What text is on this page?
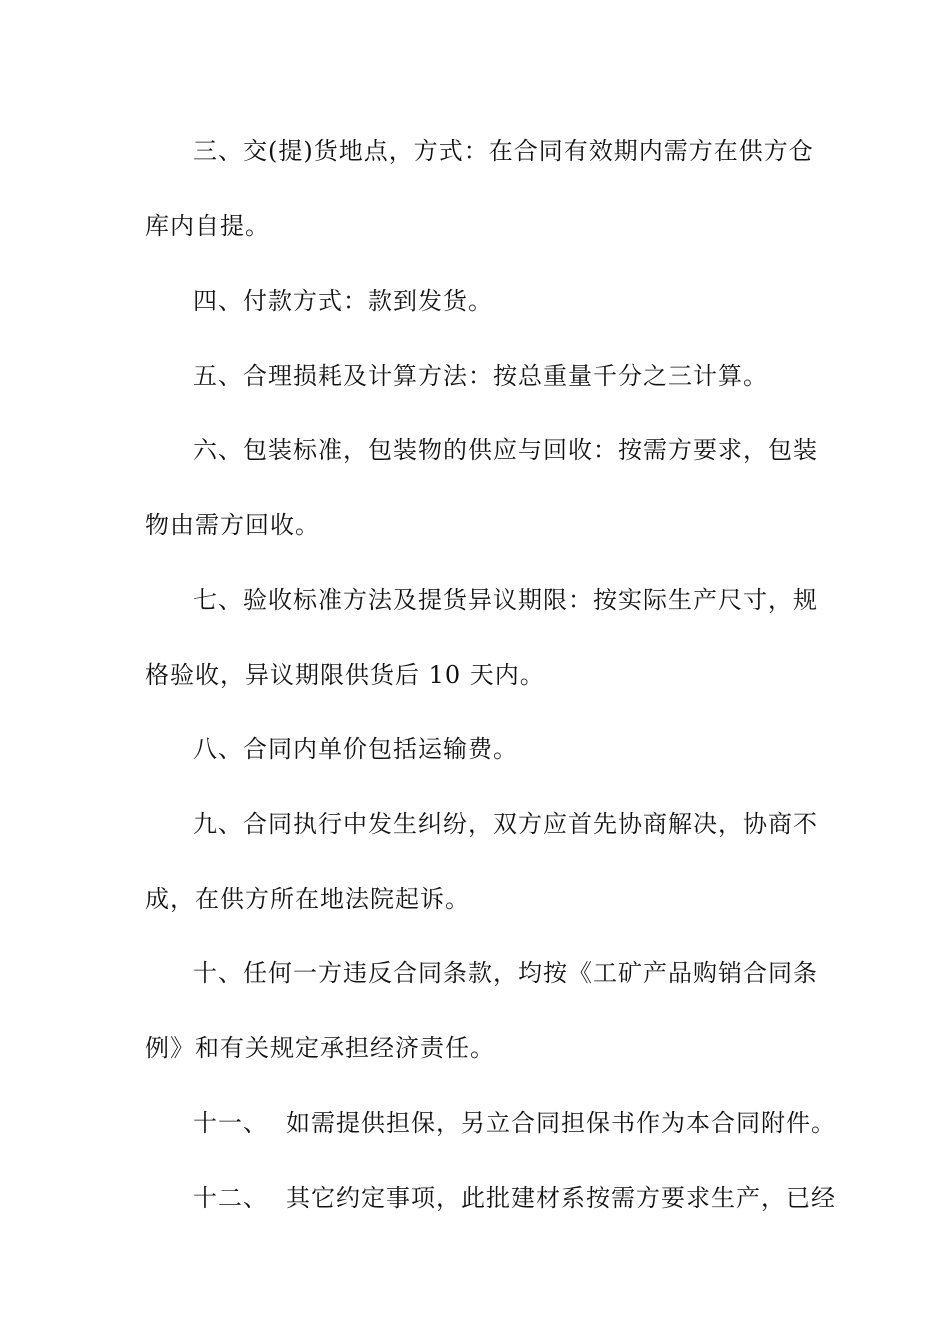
三、交(提)货地点，方式：在合同有效期内需方在供方仓
库内自提。
四、付款方式：款到发货。
五、合理损耗及计算方法：按总重量千分之三计算。
六、包装标准，包装物的供应与回收：按需方要求，包装
物由需方回收。
七、验收标准方法及提货异议期限：按实际生产尺寸，规
格验收，异议期限供货后 10 天内。
八、合同内单价包括运输费。
九、合同执行中发生纠纷，双方应首先协商解决，协商不
成，在供方所在地法院起诉。
十、任何一方违反合同条款，均按《工矿产品购销合同条
例》和有关规定承担经济责任。
十一、 如需提供担保，另立合同担保书作为本合同附件。
十二、 其它约定事项，此批建材系按需方要求生产，已经
